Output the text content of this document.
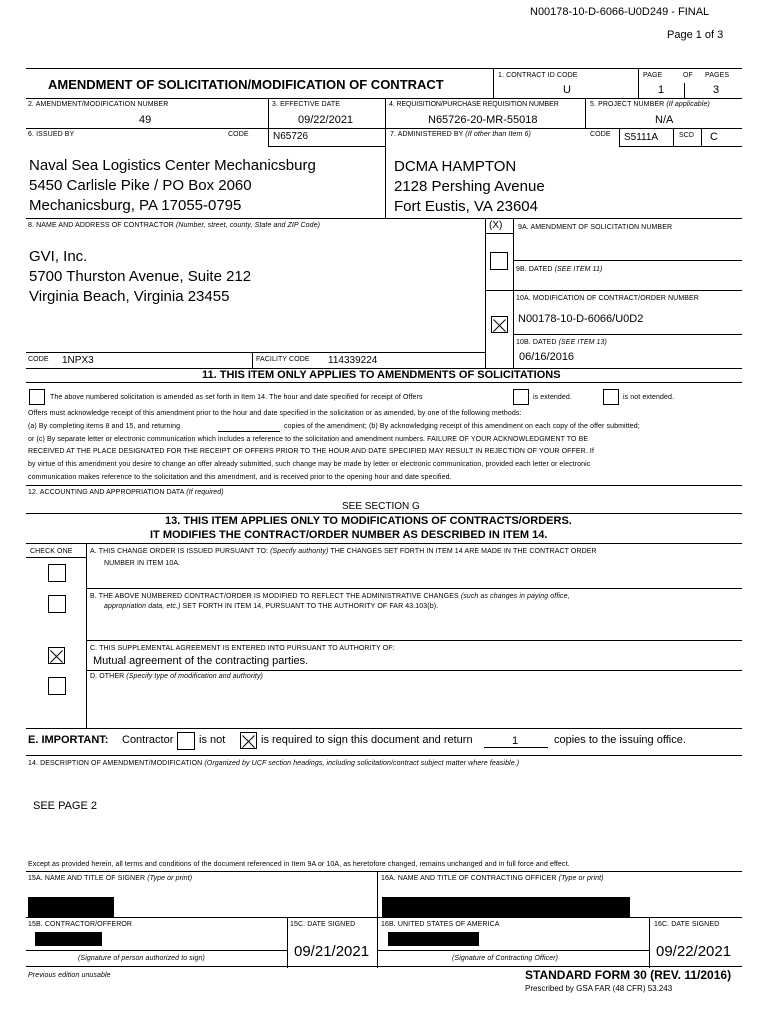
N00178-10-D-6066-U0D249 - FINAL
Page 1 of 3
AMENDMENT OF SOLICITATION/MODIFICATION OF CONTRACT
1. CONTRACT ID CODE
U
PAGE	OF PAGES
1	3
2. AMENDMENT/MODIFICATION NUMBER
49
3. EFFECTIVE DATE
09/22/2021
4. REQUISITION/PURCHASE REQUISITION NUMBER
N65726-20-MR-55018
5. PROJECT NUMBER (If applicable)
N/A
6. ISSUED BY	CODE N65726	7. ADMINISTERED BY (If other than Item 6)	CODE S5111A	SCD C
Naval Sea Logistics Center Mechanicsburg
5450 Carlisle Pike / PO Box 2060
Mechanicsburg, PA 17055-0795
DCMA HAMPTON
2128 Pershing Avenue
Fort Eustis, VA 23604
8. NAME AND ADDRESS OF CONTRACTOR (Number, street, county, State and ZIP Code)	(X) 9A. AMENDMENT OF SOLICITATION NUMBER
9B. DATED (SEE ITEM 11)
10A. MODIFICATION OF CONTRACT/ORDER NUMBER
N00178-10-D-6066/U0D2
10B. DATED (SEE ITEM 13)
06/16/2016
GVI, Inc.
5700 Thurston Avenue, Suite 212
Virginia Beach, Virginia 23455
CODE 1NPX3	FACILITY CODE 114339224
11. THIS ITEM ONLY APPLIES TO AMENDMENTS OF SOLICITATIONS
The above numbered solicitation is amended as set forth in Item 14. The hour and date specified for receipt of Offers	is extended.	is not extended.
Offers must acknowledge receipt of this amendment prior to the hour and date specified in the solicitation or as amended, by one of the following methods:
(a) By completing items 8 and 15, and returning	copies of the amendment; (b) By acknowledging receipt of this amendment on each copy of the offer submitted;
or (c) By separate letter or electronic communication which includes a reference to the solicitation and amendment numbers. FAILURE OF YOUR ACKNOWLEDGMENT TO BE
RECEIVED AT THE PLACE DESIGNATED FOR THE RECEIPT OF OFFERS PRIOR TO THE HOUR AND DATE SPECIFIED MAY RESULT IN REJECTION OF YOUR OFFER. If
by virtue of this amendment you desire to change an offer already submitted, such change may be made by letter or electronic communication, provided each letter or electronic
communication makes reference to the solicitation and this amendment, and is received prior to the opening hour and date specified.
12. ACCOUNTING AND APPROPRIATION DATA (If required)
SEE SECTION G
13. THIS ITEM APPLIES ONLY TO MODIFICATIONS OF CONTRACTS/ORDERS.
IT MODIFIES THE CONTRACT/ORDER NUMBER AS DESCRIBED IN ITEM 14.
CHECK ONE A. THIS CHANGE ORDER IS ISSUED PURSUANT TO: (Specify authority) THE CHANGES SET FORTH IN ITEM 14 ARE MADE IN THE CONTRACT ORDER
NUMBER IN ITEM 10A.
B. THE ABOVE NUMBERED CONTRACT/ORDER IS MODIFIED TO REFLECT THE ADMINISTRATIVE CHANGES (such as changes in paying office,
appropriation data, etc.) SET FORTH IN ITEM 14, PURSUANT TO THE AUTHORITY OF FAR 43.103(b).
C. THIS SUPPLEMENTAL AGREEMENT IS ENTERED INTO PURSUANT TO AUTHORITY OF:
Mutual agreement of the contracting parties.
D. OTHER (Specify type of modification and authority)
E. IMPORTANT: Contractor is not	is required to sign this document and return	1	copies to the issuing office.
14. DESCRIPTION OF AMENDMENT/MODIFICATION (Organized by UCF section headings, including solicitation/contract subject matter where feasible.)
SEE PAGE 2
Except as provided herein, all terms and conditions of the document referenced in Item 9A or 10A, as heretofore changed, remains unchanged and in full force and effect.
15A. NAME AND TITLE OF SIGNER (Type or print)	16A. NAME AND TITLE OF CONTRACTING OFFICER (Type or print)
15B. CONTRACTOR/OFFEROR	15C. DATE SIGNED
09/21/2021
16B. UNITED STATES OF AMERICA	16C. DATE SIGNED
09/22/2021
(Signature of person authorized to sign)	(Signature of Contracting Officer)
Previous edition unusable	STANDARD FORM 30 (REV. 11/2016)
Prescribed by GSA FAR (48 CFR) 53.243
